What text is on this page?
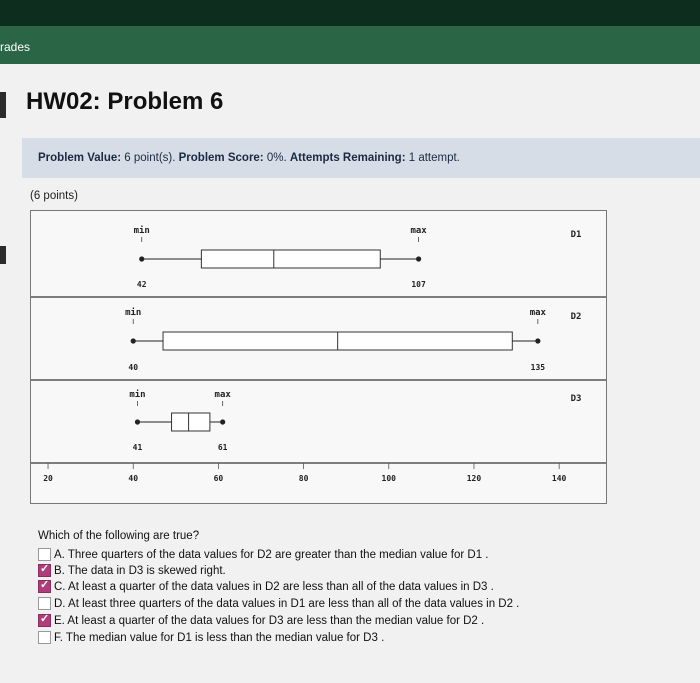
rades
HW02: Problem 6
Problem Value: 6 point(s). Problem Score: 0%. Attempts Remaining: 1 attempt.
(6 points)
min	max
42	107
D1
min	max
40	135
D2
min	max
41	61
D3
20	40	60	80	100	120	140
Which of the following are true?
A. Three quarters of the data values for D2 are greater than the median value for D1 .
✓
B. The data in D3 is skewed right.
✓
C. At least a quarter of the data values in D2 are less than all of the data values in D3 .
D. At least three quarters of the data values in D1 are less than all of the data values in D2 .
✓
E. At least a quarter of the data values for D3 are less than the median value for D2 .
F. The median value for D1 is less than the median value for D3 .
